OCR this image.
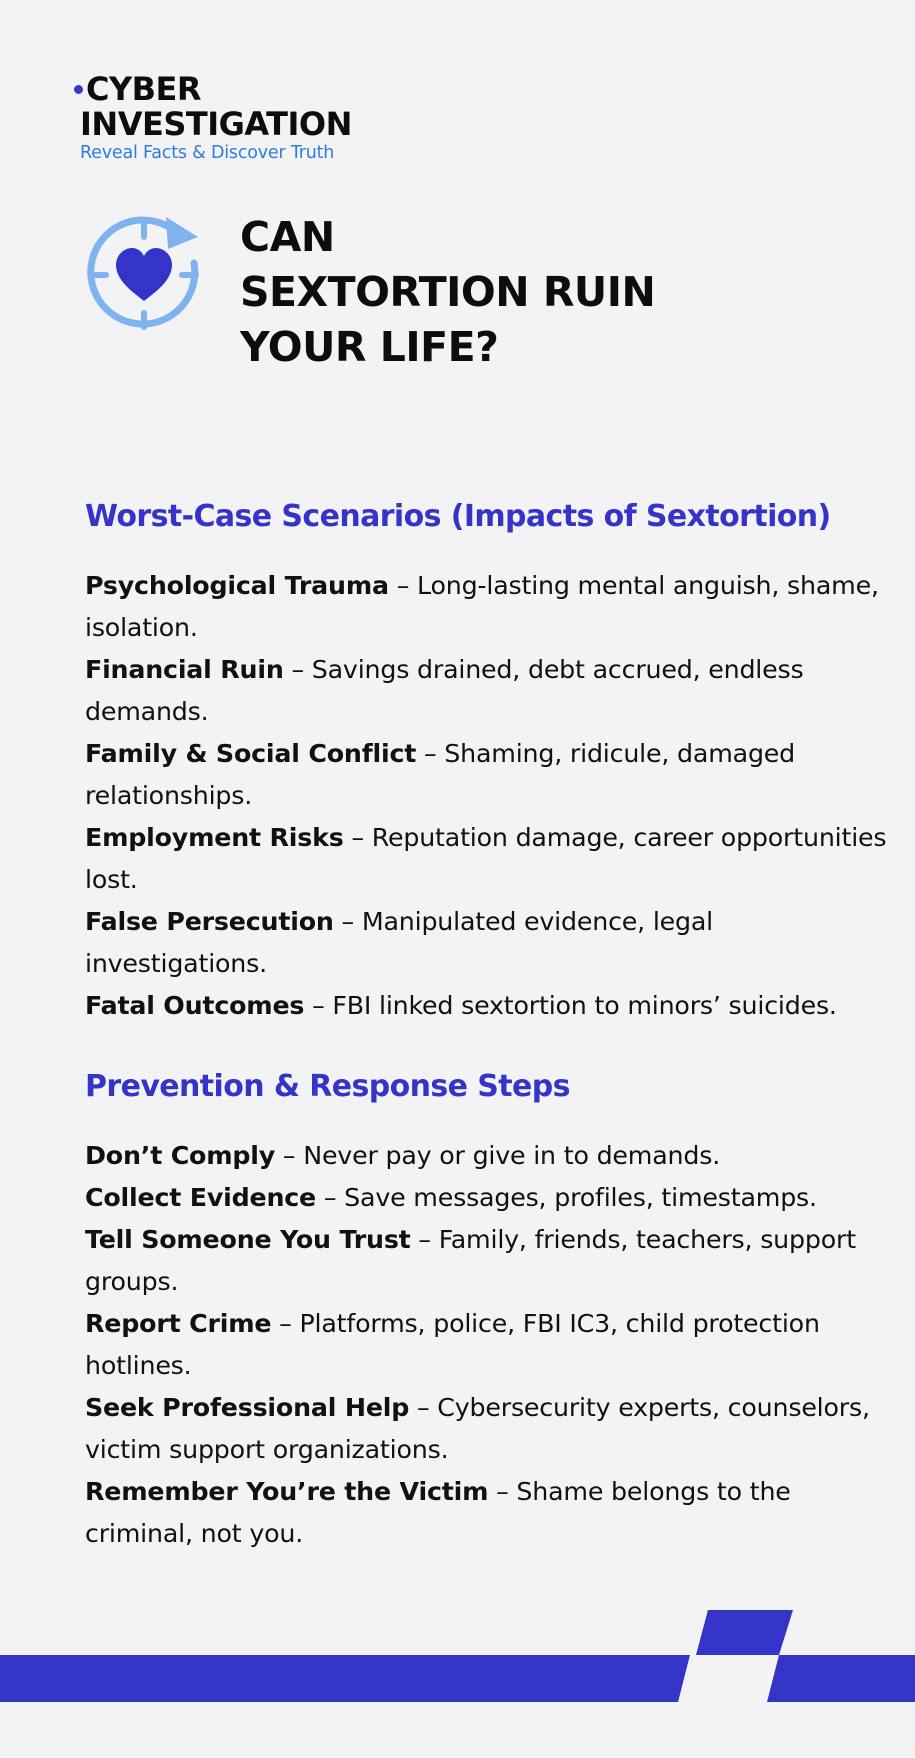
CYBER
INVESTIGATION
Reveal Facts & Discover Truth
CAN
SEXTORTION RUIN
YOUR LIFE?
Worst-Case Scenarios (Impacts of Sextortion)
Psychological Trauma – Long-lasting mental anguish, shame, isolation.
Financial Ruin – Savings drained, debt accrued, endless demands.
Family & Social Conflict – Shaming, ridicule, damaged relationships.
Employment Risks – Reputation damage, career opportunities lost.
False Persecution – Manipulated evidence, legal investigations.
Fatal Outcomes – FBI linked sextortion to minors’ suicides.
Prevention & Response Steps
Don’t Comply – Never pay or give in to demands.
Collect Evidence – Save messages, profiles, timestamps.
Tell Someone You Trust – Family, friends, teachers, support groups.
Report Crime – Platforms, police, FBI IC3, child protection hotlines.
Seek Professional Help – Cybersecurity experts, counselors, victim support organizations.
Remember You’re the Victim – Shame belongs to the criminal, not you.
